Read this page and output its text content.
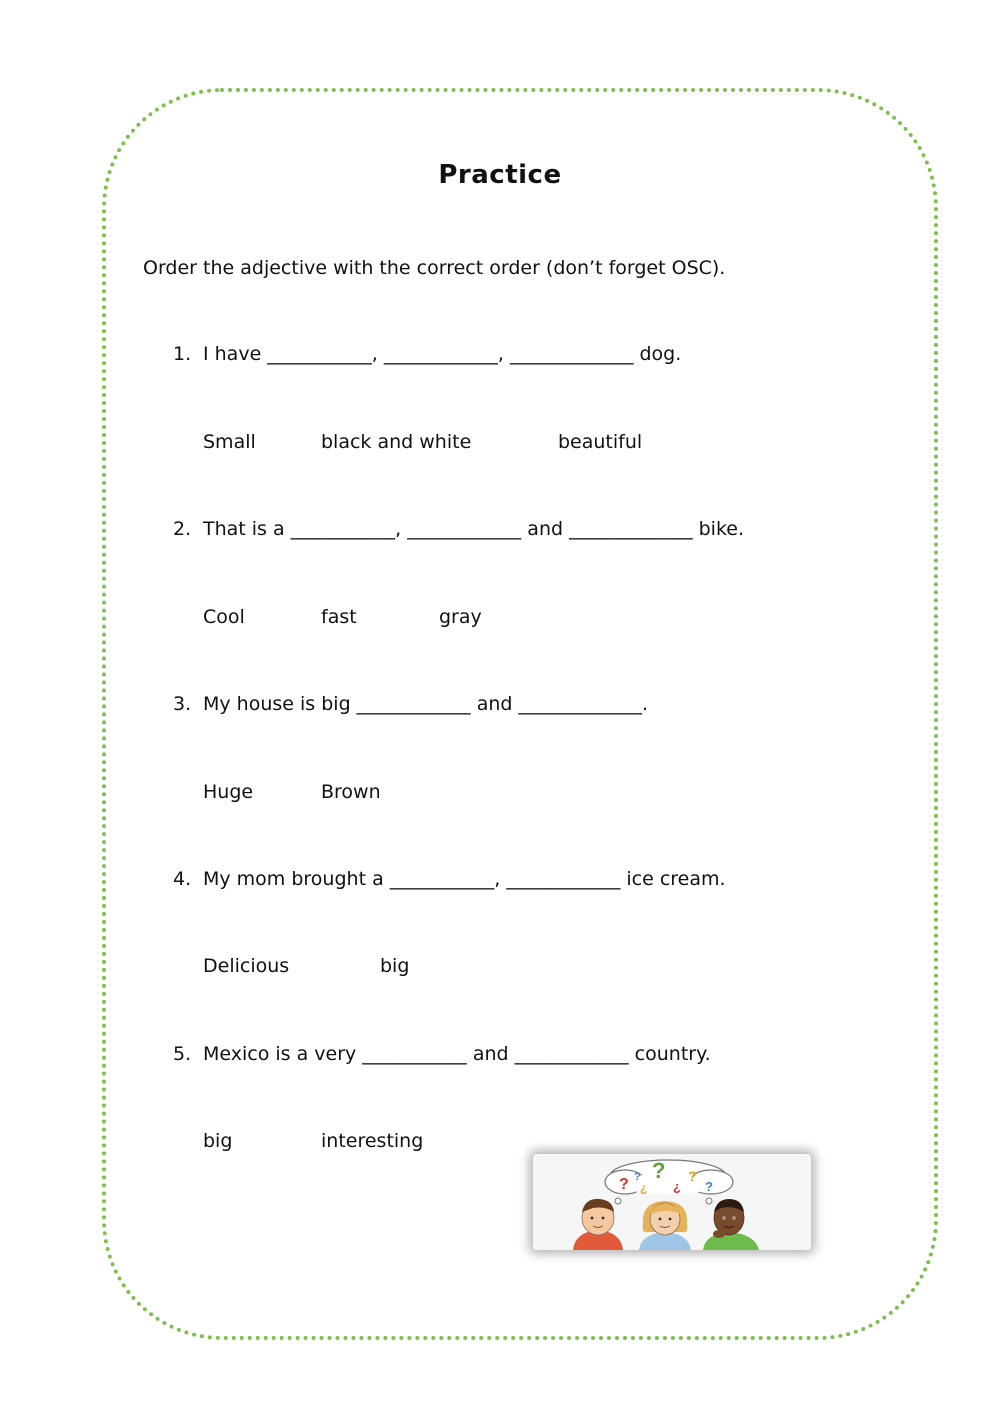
Practice
Order the adjective with the correct order (don’t forget OSC).
1. I have ___________, ____________, _____________ dog.
Small	black and white	beautiful
2. That is a ___________, ____________ and _____________ bike.
Cool	fast	gray
3. My house is big ____________ and _____________.
Huge	Brown
4. My mom brought a ___________, ____________ ice cream.
Delicious	big
5. Mexico is a very ___________ and ____________ country.
big	interesting
? ¿
?
¿
?
?
?
